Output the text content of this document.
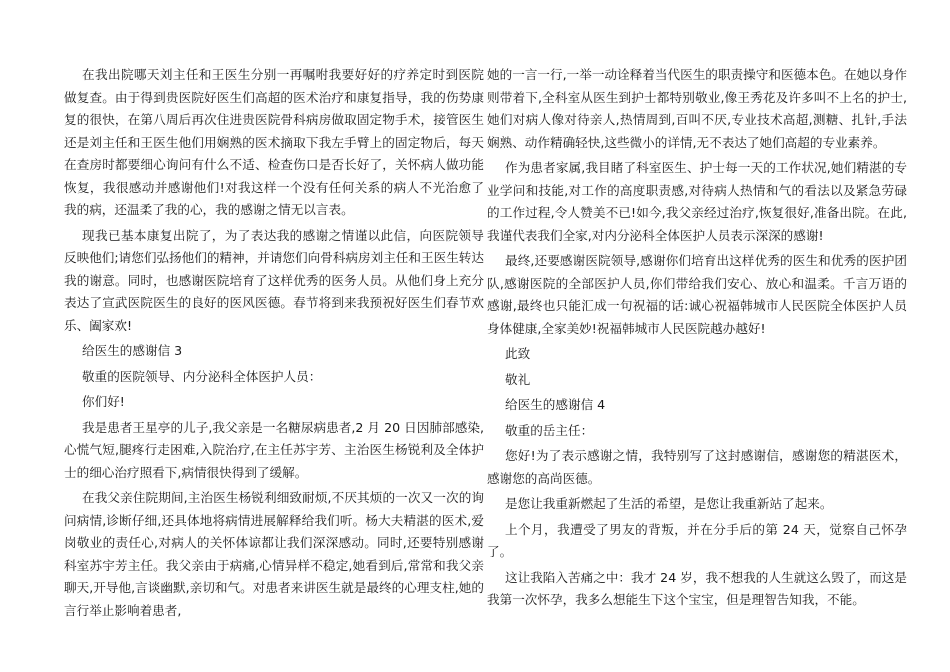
在我出院哪天刘主任和王医生分别一再嘱咐我要好好的疗养定时到医院做复查。由于得到贵医院好医生们高超的医术治疗和康复指导，我的伤势康复的很快，在第八周后再次住进贵医院骨科病房做取固定物手术，接管医生还是刘主任和王医生他们用娴熟的医术摘取下我左手臂上的固定物后，每天在查房时都要细心询问有什么不适、检查伤口是否长好了，关怀病人做功能恢复，我很感动并感谢他们!对我这样一个没有任何关系的病人不光治愈了我的病，还温柔了我的心，我的感谢之情无以言表。

现我已基本康复出院了，为了表达我的感谢之情谨以此信，向医院领导反映他们;请您们弘扬他们的精神，并请您们向骨科病房刘主任和王医生转达我的谢意。同时，也感谢医院培育了这样优秀的医务人员。从他们身上充分表达了宣武医院医生的良好的医风医德。春节将到来我预祝好医生们春节欢乐、阖家欢!

给医生的感谢信 3

敬重的医院领导、内分泌科全体医护人员：

你们好!

我是患者王星亭的儿子,我父亲是一名糖尿病患者,2 月 20 日因肺部感染,心慌气短,腿疼行走困难,入院治疗,在主任苏宇芳、主治医生杨锐利及全体护士的细心治疗照看下,病情很快得到了缓解。

在我父亲住院期间,主治医生杨锐利细致耐烦,不厌其烦的一次又一次的询问病情,诊断仔细,还具体地将病情进展解释给我们听。杨大夫精湛的医术,爱岗敬业的责任心,对病人的关怀体谅都让我们深深感动。同时,还要特别感谢科室苏宇芳主任。我父亲由于病痛,心情异样不稳定,她看到后,常常和我父亲聊天,开导他,言谈幽默,亲切和气。对患者来讲医生就是最终的心理支柱,她的言行举止影响着患者,

她的一言一行,一举一动诠释着当代医生的职责操守和医德本色。在她以身作则带着下,全科室从医生到护士都特别敬业,像王秀花及许多叫不上名的护士,她们对病人像对待亲人,热情周到,百叫不厌,专业技术高超,测糖、扎针,手法娴熟、动作精确轻快,这些微小的详情,无不表达了她们高超的专业素养。

作为患者家属,我目睹了科室医生、护士每一天的工作状况,她们精湛的专业学问和技能,对工作的高度职责感,对待病人热情和气的看法以及紧急劳碌的工作过程,令人赞美不已!如今,我父亲经过治疗,恢复很好,准备出院。在此,我谨代表我们全家,对内分泌科全体医护人员表示深深的感谢!

最终,还要感谢医院领导,感谢你们培育出这样优秀的医生和优秀的医护团队,感谢医院的全部医护人员,你们带给我们安心、放心和温柔。千言万语的感谢,最终也只能汇成一句祝福的话:诚心祝福韩城市人民医院全体医护人员身体健康,全家美妙!祝福韩城市人民医院越办越好!

此致

敬礼

给医生的感谢信 4

敬重的岳主任：

您好!为了表示感谢之情，我特别写了这封感谢信，感谢您的精湛医术，感谢您的高尚医德。

是您让我重新燃起了生活的希望，是您让我重新站了起来。

上个月，我遭受了男友的背叛，并在分手后的第 24 天，觉察自己怀孕了。

这让我陷入苦痛之中：我才 24 岁，我不想我的人生就这么毁了，而这是我第一次怀孕，我多么想能生下这个宝宝，但是理智告知我，不能。
